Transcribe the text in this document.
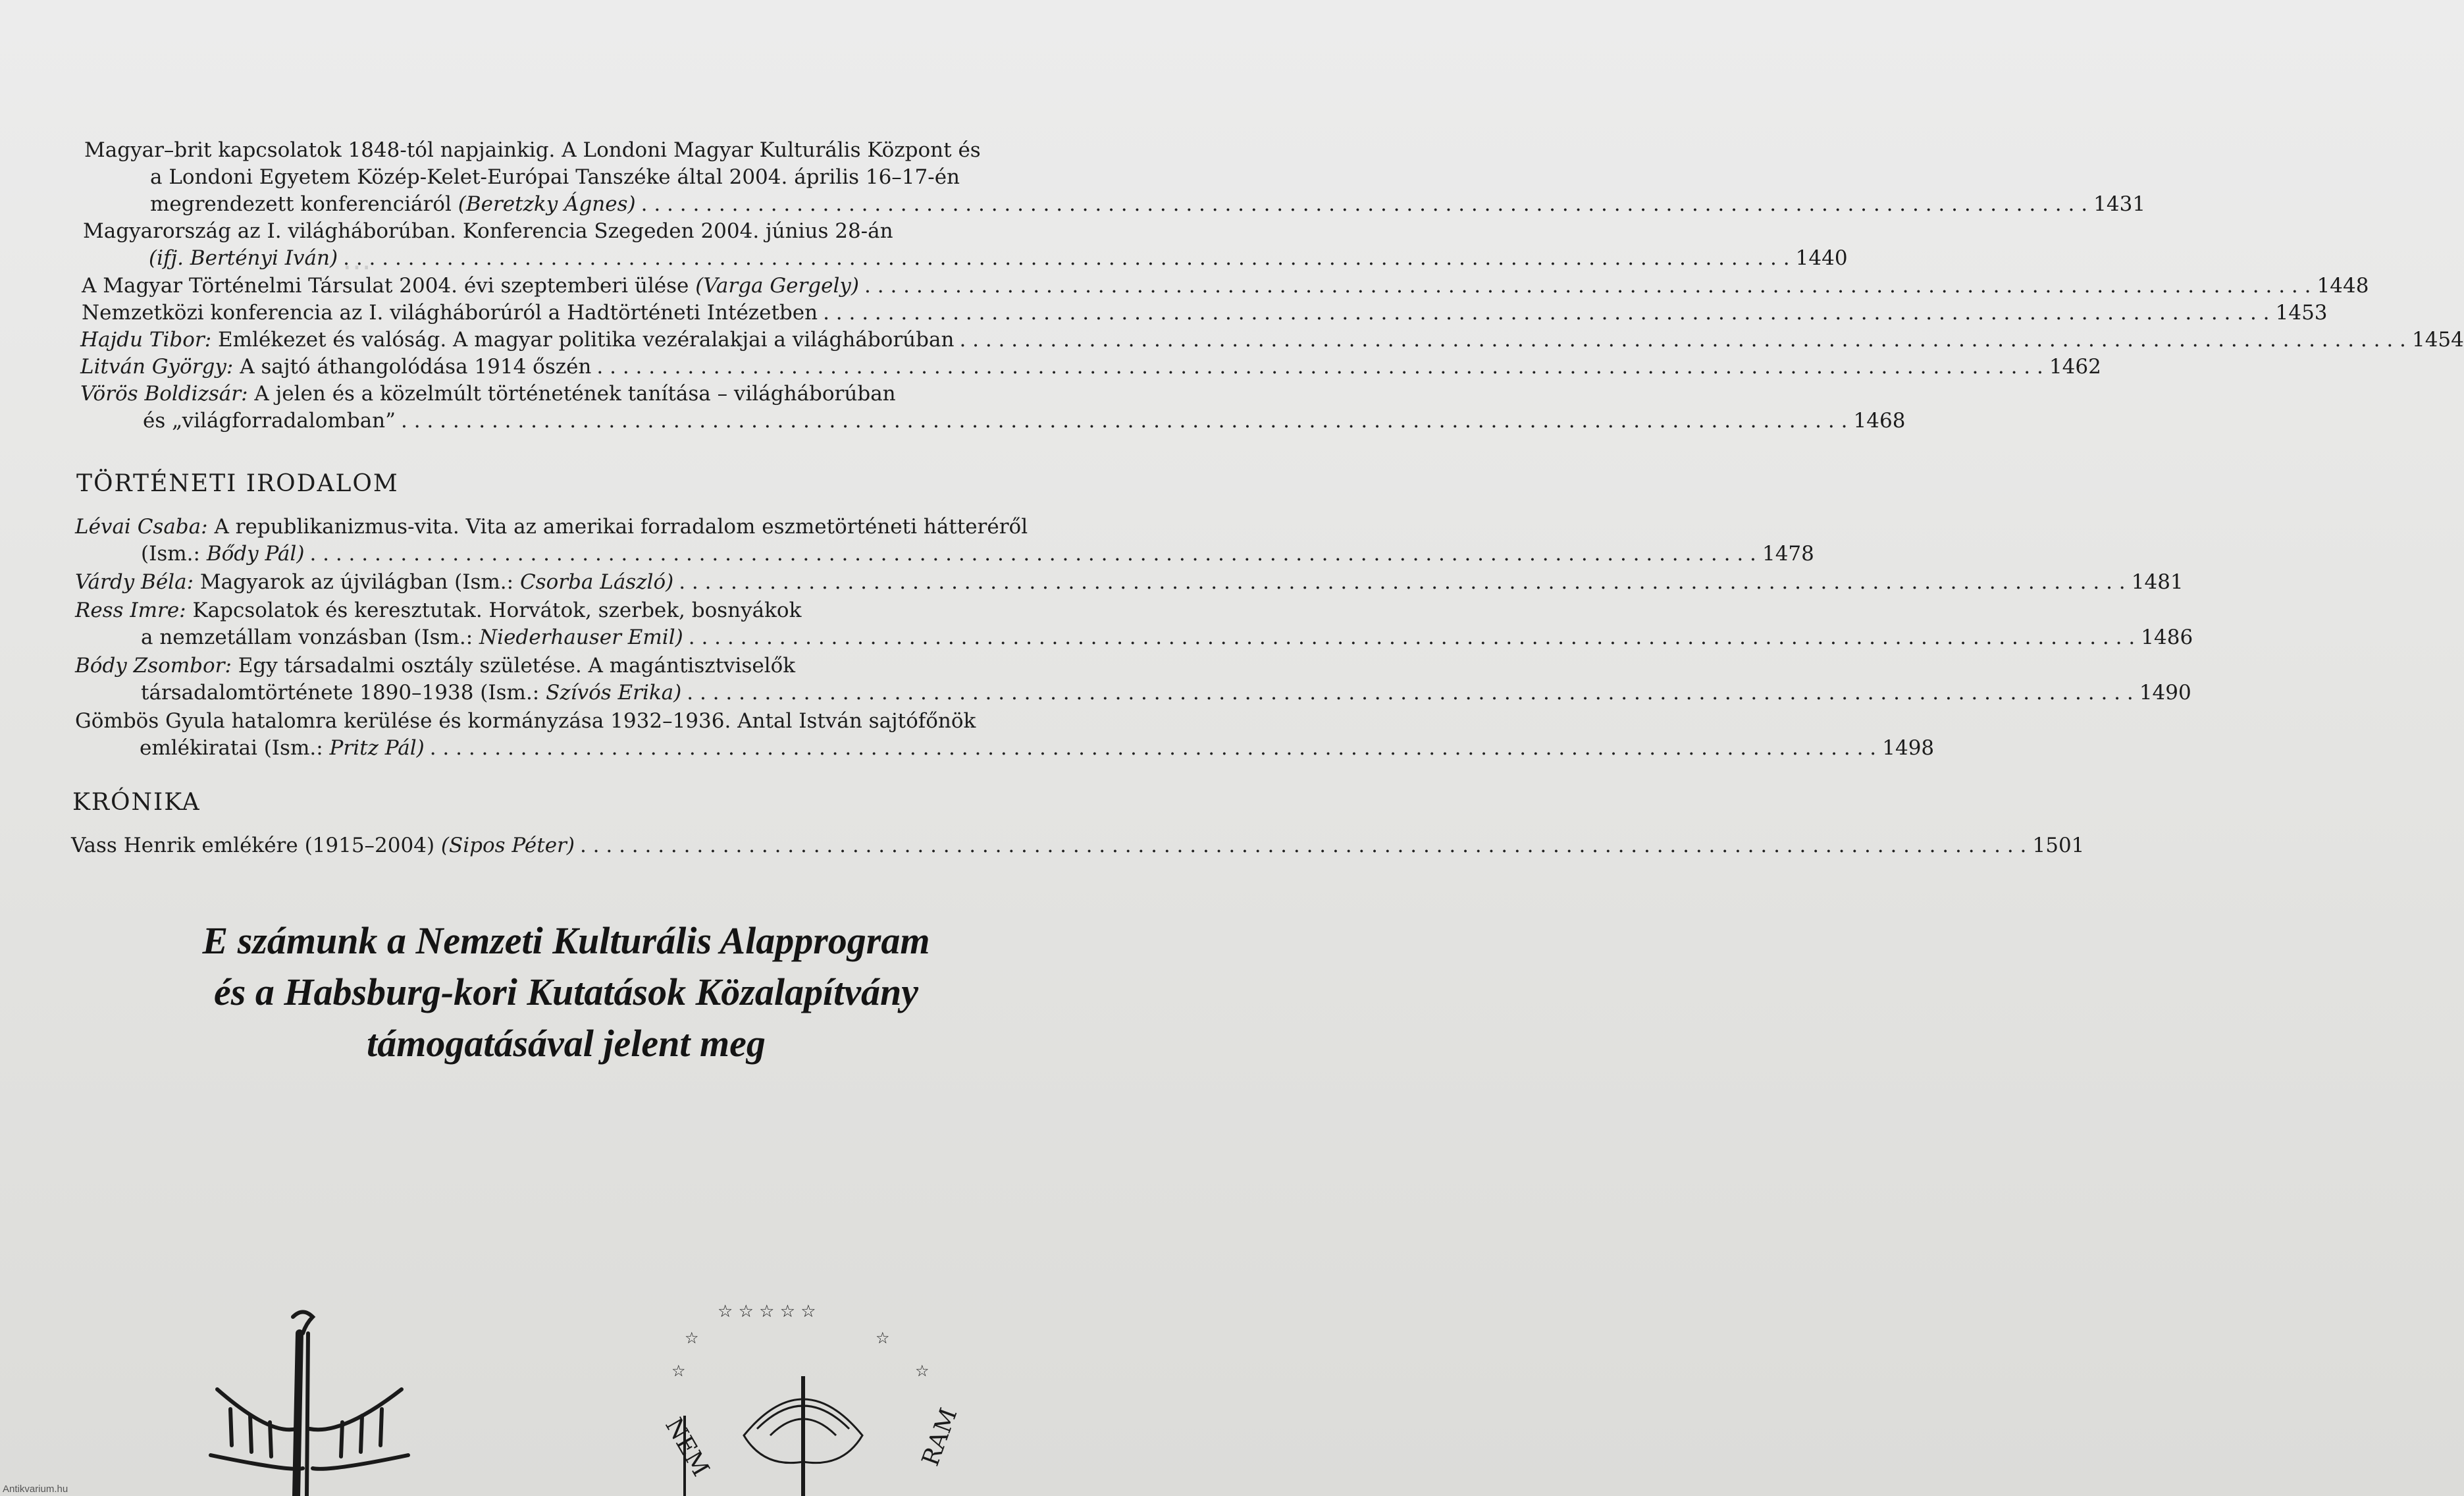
⋯
Magyar–brit kapcsolatok 1848-tól napjainkig. A Londoni Magyar Kulturális Központ és
a Londoni Egyetem Közép-Kelet-Európai Tanszéke által 2004. április 16–17-én
megrendezett konferenciáról
(Beretzky Ágnes) . . .	1431
Magyarország az I. világháborúban. Konferencia Szegeden 2004. június 28-án
(ifj. Bertényi Iván) . . .	1440
A Magyar Történelmi Társulat 2004. évi szeptemberi ülése
(Varga Gergely) . . .	1448
Nemzetközi konferencia az I. világháborúról a Hadtörténeti Intézetben . . .	1453
Hajdu Tibor:
Emlékezet és valóság. A magyar politika vezéralakjai a világháborúban . . .	1454
Litván György:
A sajtó áthangolódása 1914 őszén . . .	1462
Vörös Boldizsár:
A jelen és a közelmúlt történetének tanítása – világháborúban
és „világforradalomban” . . .	1468
TÖRTÉNETI IRODALOM
Lévai Csaba:
A republikanizmus-vita. Vita az amerikai forradalom eszmetörténeti hátteréről
(Ism.:
Bődy Pál) . . .	1478
Várdy Béla:
Magyarok az újvilágban (Ism.:
Csorba László) . . .	1481
Ress Imre:
Kapcsolatok és keresztutak. Horvátok, szerbek, bosnyákok
a nemzetállam vonzásban (Ism.:
Niederhauser Emil) . . .	1486
Bódy Zsombor:
Egy társadalmi osztály születése. A magántisztviselők
társadalomtörténete 1890–1938 (Ism.:
Szívós Erika) . . .	1490
Gömbös Gyula hatalomra kerülése és kormányzása 1932–1936. Antal István sajtófőnök
emlékiratai (Ism.:
Pritz Pál) . . .	1498
KRÓNIKA
Vass Henrik emlékére (1915–2004)
(Sipos Péter) . . .	1501
E számunk a Nemzeti Kulturális Alapprogram
és a Habsburg-kori Kutatások Közalapítvány
támogatásával jelent meg
☆ ☆ ☆ ☆ ☆
☆
☆
☆
☆
NEM	RAM
Antikvarium.hu
